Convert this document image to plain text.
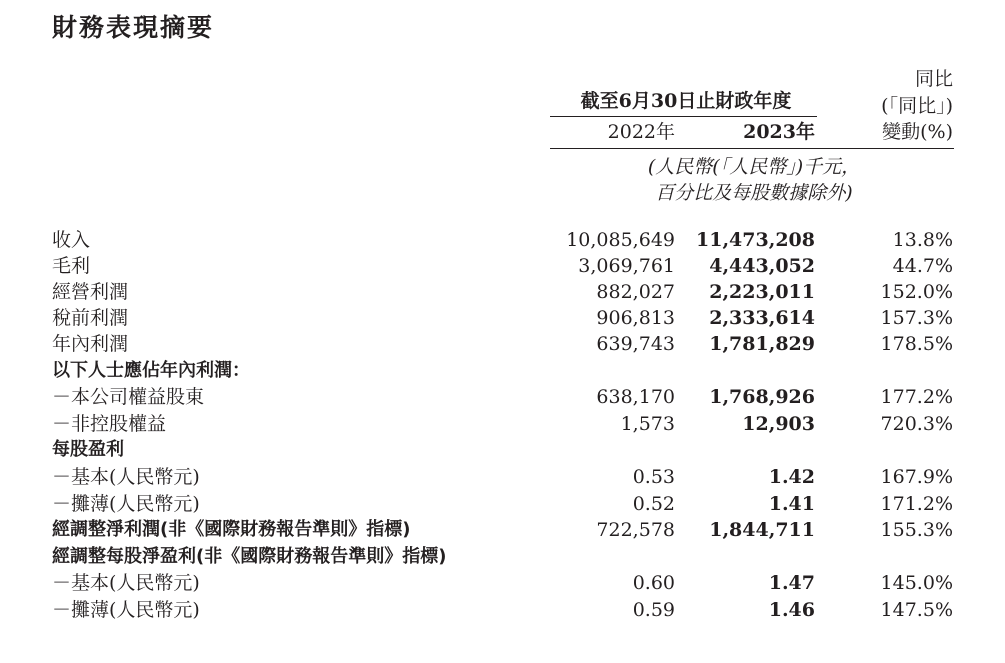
財務表現摘要
截至6月30日止財政年度
2022年	2023年
同比
(「同比」)
變動(%)
(人民幣(「人民幣」)千元，
百分比及每股數據除外)
收入	10,085,649	11,473,208	13.8%
毛利	3,069,761	4,443,052	44.7%
經營利潤	882,027	2,223,011	152.0%
稅前利潤	906,813	2,333,614	157.3%
年內利潤	639,743	1,781,829	178.5%
以下人士應佔年內利潤：
－本公司權益股東	638,170	1,768,926	177.2%
－非控股權益	1,573	12,903	720.3%
每股盈利
－基本(人民幣元)	0.53	1.42	167.9%
－攤薄(人民幣元)	0.52	1.41	171.2%
經調整淨利潤(非《國際財務報告準則》指標)	722,578	1,844,711	155.3%
經調整每股淨盈利(非《國際財務報告準則》指標)
－基本(人民幣元)	0.60	1.47	145.0%
－攤薄(人民幣元)	0.59	1.46	147.5%
